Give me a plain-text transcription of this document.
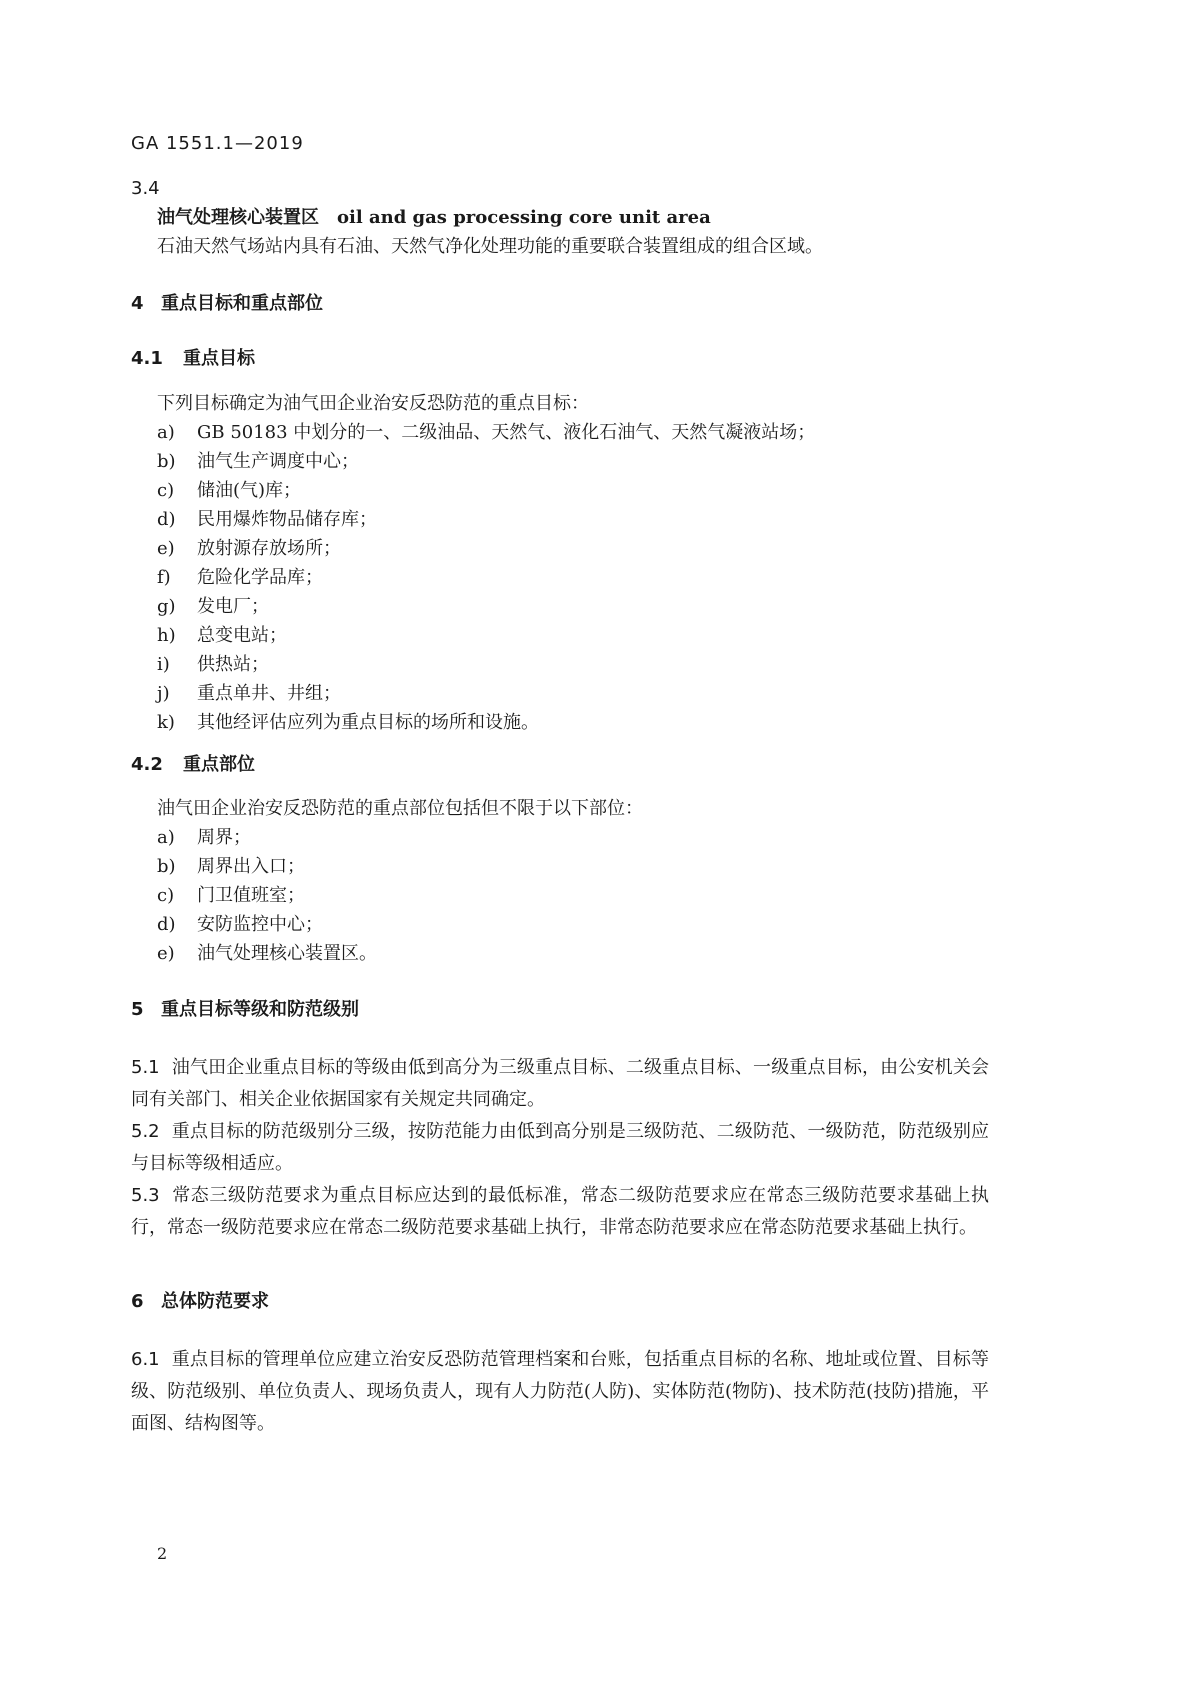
GA 1551.1—2019
3.4
油气处理核心装置区 oil and gas processing core unit area
石油天然气场站内具有石油、天然气净化处理功能的重要联合装置组成的组合区域。
4 重点目标和重点部位
4.1 重点目标
下列目标确定为油气田企业治安反恐防范的重点目标：
a) GB 50183 中划分的一、二级油品、天然气、液化石油气、天然气凝液站场；
b) 油气生产调度中心；
c) 储油(气)库；
d) 民用爆炸物品储存库；
e) 放射源存放场所；
f) 危险化学品库；
g) 发电厂；
h) 总变电站；
i) 供热站；
j) 重点单井、井组；
k) 其他经评估应列为重点目标的场所和设施。
4.2 重点部位
油气田企业治安反恐防范的重点部位包括但不限于以下部位：
a) 周界；
b) 周界出入口；
c) 门卫值班室；
d) 安防监控中心；
e) 油气处理核心装置区。
5 重点目标等级和防范级别
5.1 油气田企业重点目标的等级由低到高分为三级重点目标、二级重点目标、一级重点目标，由公安机关会同有关部门、相关企业依据国家有关规定共同确定。
5.2 重点目标的防范级别分三级，按防范能力由低到高分别是三级防范、二级防范、一级防范，防范级别应与目标等级相适应。
5.3 常态三级防范要求为重点目标应达到的最低标准，常态二级防范要求应在常态三级防范要求基础上执行，常态一级防范要求应在常态二级防范要求基础上执行，非常态防范要求应在常态防范要求基础上执行。
6 总体防范要求
6.1 重点目标的管理单位应建立治安反恐防范管理档案和台账，包括重点目标的名称、地址或位置、目标等级、防范级别、单位负责人、现场负责人，现有人力防范(人防)、实体防范(物防)、技术防范(技防)措施，平面图、结构图等。
2
